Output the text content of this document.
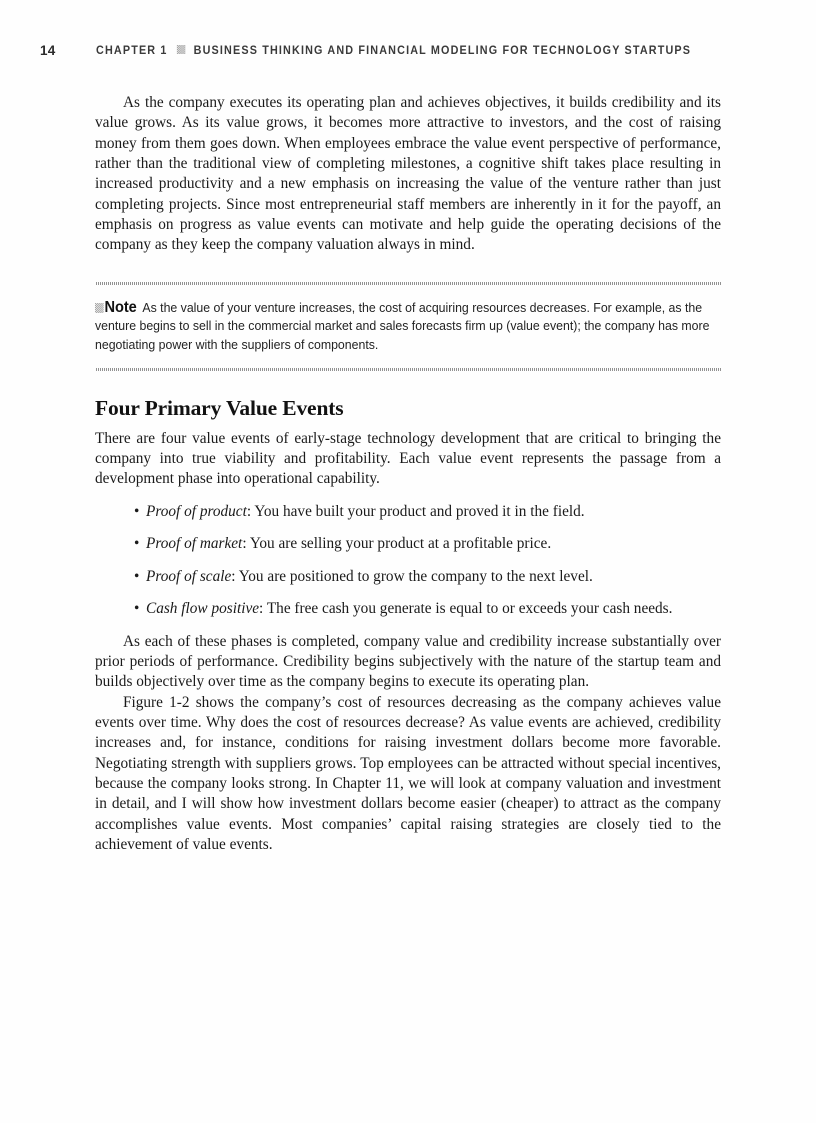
14	CHAPTER 1 BUSINESS THINKING AND FINANCIAL MODELING FOR TECHNOLOGY STARTUPS

As the company executes its operating plan and achieves objectives, it builds credibility and its value grows. As its value grows, it becomes more attractive to investors, and the cost of raising money from them goes down. When employees embrace the value event perspective of performance, rather than the traditional view of completing milestones, a cognitive shift takes place resulting in increased productivity and a new emphasis on increasing the value of the venture rather than just completing projects. Since most entrepreneurial staff members are inherently in it for the payoff, an emphasis on progress as value events can motivate and help guide the operating decisions of the company as they keep the company valuation always in mind.

Note As the value of your venture increases, the cost of acquiring resources decreases. For example, as the venture begins to sell in the commercial market and sales forecasts firm up (value event); the company has more negotiating power with the suppliers of components.
Four Primary Value Events

There are four value events of early-stage technology development that are critical to bringing the company into true viability and profitability. Each value event represents the passage from a development phase into operational capability.

• Proof of product: You have built your product and proved it in the field.
• Proof of market: You are selling your product at a profitable price.
• Proof of scale: You are positioned to grow the company to the next level.
• Cash flow positive: The free cash you generate is equal to or exceeds your cash needs.

As each of these phases is completed, company value and credibility increase substantially over prior periods of performance. Credibility begins subjectively with the nature of the startup team and builds objectively over time as the company begins to execute its operating plan.

Figure 1-2 shows the company’s cost of resources decreasing as the company achieves value events over time. Why does the cost of resources decrease? As value events are achieved, credibility increases and, for instance, conditions for raising investment dollars become more favorable. Negotiating strength with suppliers grows. Top employees can be attracted without special incentives, because the company looks strong. In Chapter 11, we will look at company valuation and investment in detail, and I will show how investment dollars become easier (cheaper) to attract as the company accomplishes value events. Most companies’ capital raising strategies are closely tied to the achievement of value events.
